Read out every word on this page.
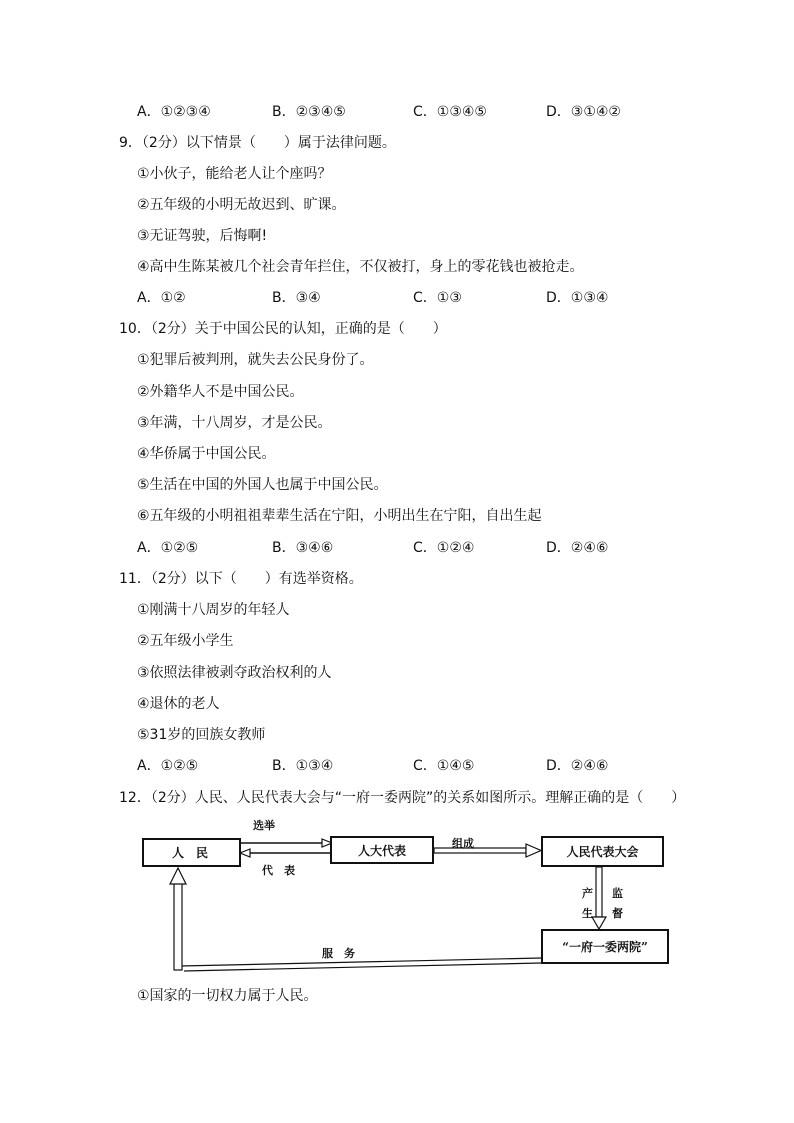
A．①②③④	B．②③④⑤	C．①③④⑤	D．③①④②
9．（2分）以下情景（　　）属于法律问题。
①小伙子，能给老人让个座吗？
②五年级的小明无故迟到、旷课。
③无证驾驶，后悔啊!
④高中生陈某被几个社会青年拦住，不仅被打，身上的零花钱也被抢走。
A．①②	B．③④	C．①③	D．①③④
10．（2分）关于中国公民的认知，正确的是（　　）
①犯罪后被判刑，就失去公民身份了。
②外籍华人不是中国公民。
③年满，十八周岁，才是公民。
④华侨属于中国公民。
⑤生活在中国的外国人也属于中国公民。
⑥五年级的小明祖祖辈辈生活在宁阳，小明出生在宁阳，自出生起
A．①②⑤	B．③④⑥	C．①②④	D．②④⑥
11．（2分）以下（　　）有选举资格。
①刚满十八周岁的年轻人
②五年级小学生
③依照法律被剥夺政治权利的人
④退休的老人
⑤31岁的回族女教师
A．①②⑤	B．①③④	C．①④⑤	D．②④⑥
12．（2分）人民、人民代表大会与“一府一委两院”的关系如图所示。理解正确的是（　　）
人　民	人大代表	人民代表大会
“一府一委两院”
选举
代　表
组成
产
生
监
督
服　务
①国家的一切权力属于人民。
